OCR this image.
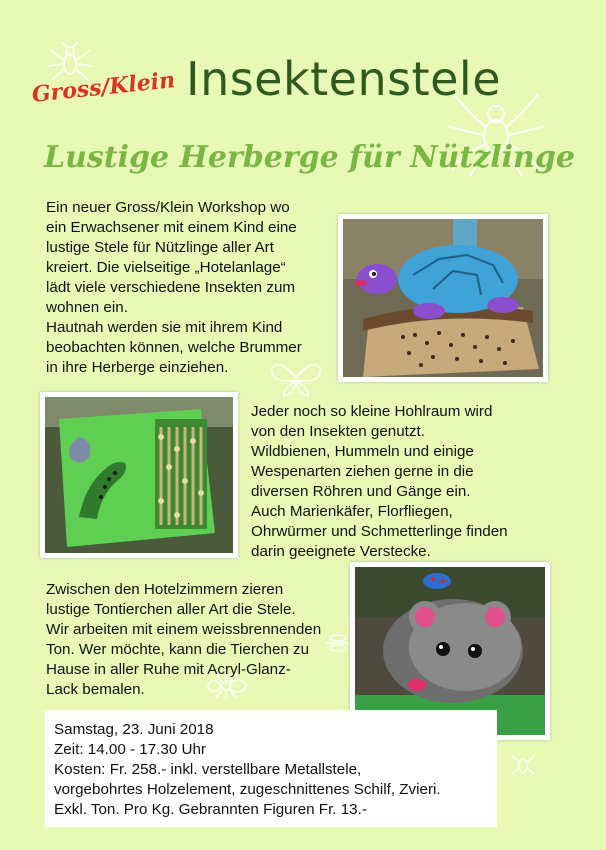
Gross/Klein Insektenstele
Lustige Herberge für Nützlinge
Ein neuer Gross/Klein Workshop wo
ein Erwachsener mit einem Kind eine
lustige Stele für Nützlinge aller Art
kreiert. Die vielseitige „Hotelanlage“
lädt viele verschiedene Insekten zum
wohnen ein.
Hautnah werden sie mit ihrem Kind
beobachten können, welche Brummer
in ihre Herberge einziehen.
Jeder noch so kleine Hohlraum wird
von den Insekten genutzt.
Wildbienen, Hummeln und einige
Wespenarten ziehen gerne in die
diversen Röhren und Gänge ein.
Auch Marienkäfer, Florfliegen,
Ohrwürmer und Schmetterlinge finden
darin geeignete Verstecke.
Zwischen den Hotelzimmern zieren
lustige Tontierchen aller Art die Stele.
Wir arbeiten mit einem weissbrennenden
Ton. Wer möchte, kann die Tierchen zu
Hause in aller Ruhe mit Acryl-Glanz-
Lack bemalen.
Samstag, 23. Juni 2018
Zeit: 14.00 - 17.30 Uhr
Kosten: Fr. 258.- inkl. verstellbare Metallstele,
vorgebohrtes Holzelement, zugeschnittenes Schilf, Zvieri.
Exkl. Ton. Pro Kg. Gebrannten Figuren Fr. 13.-
